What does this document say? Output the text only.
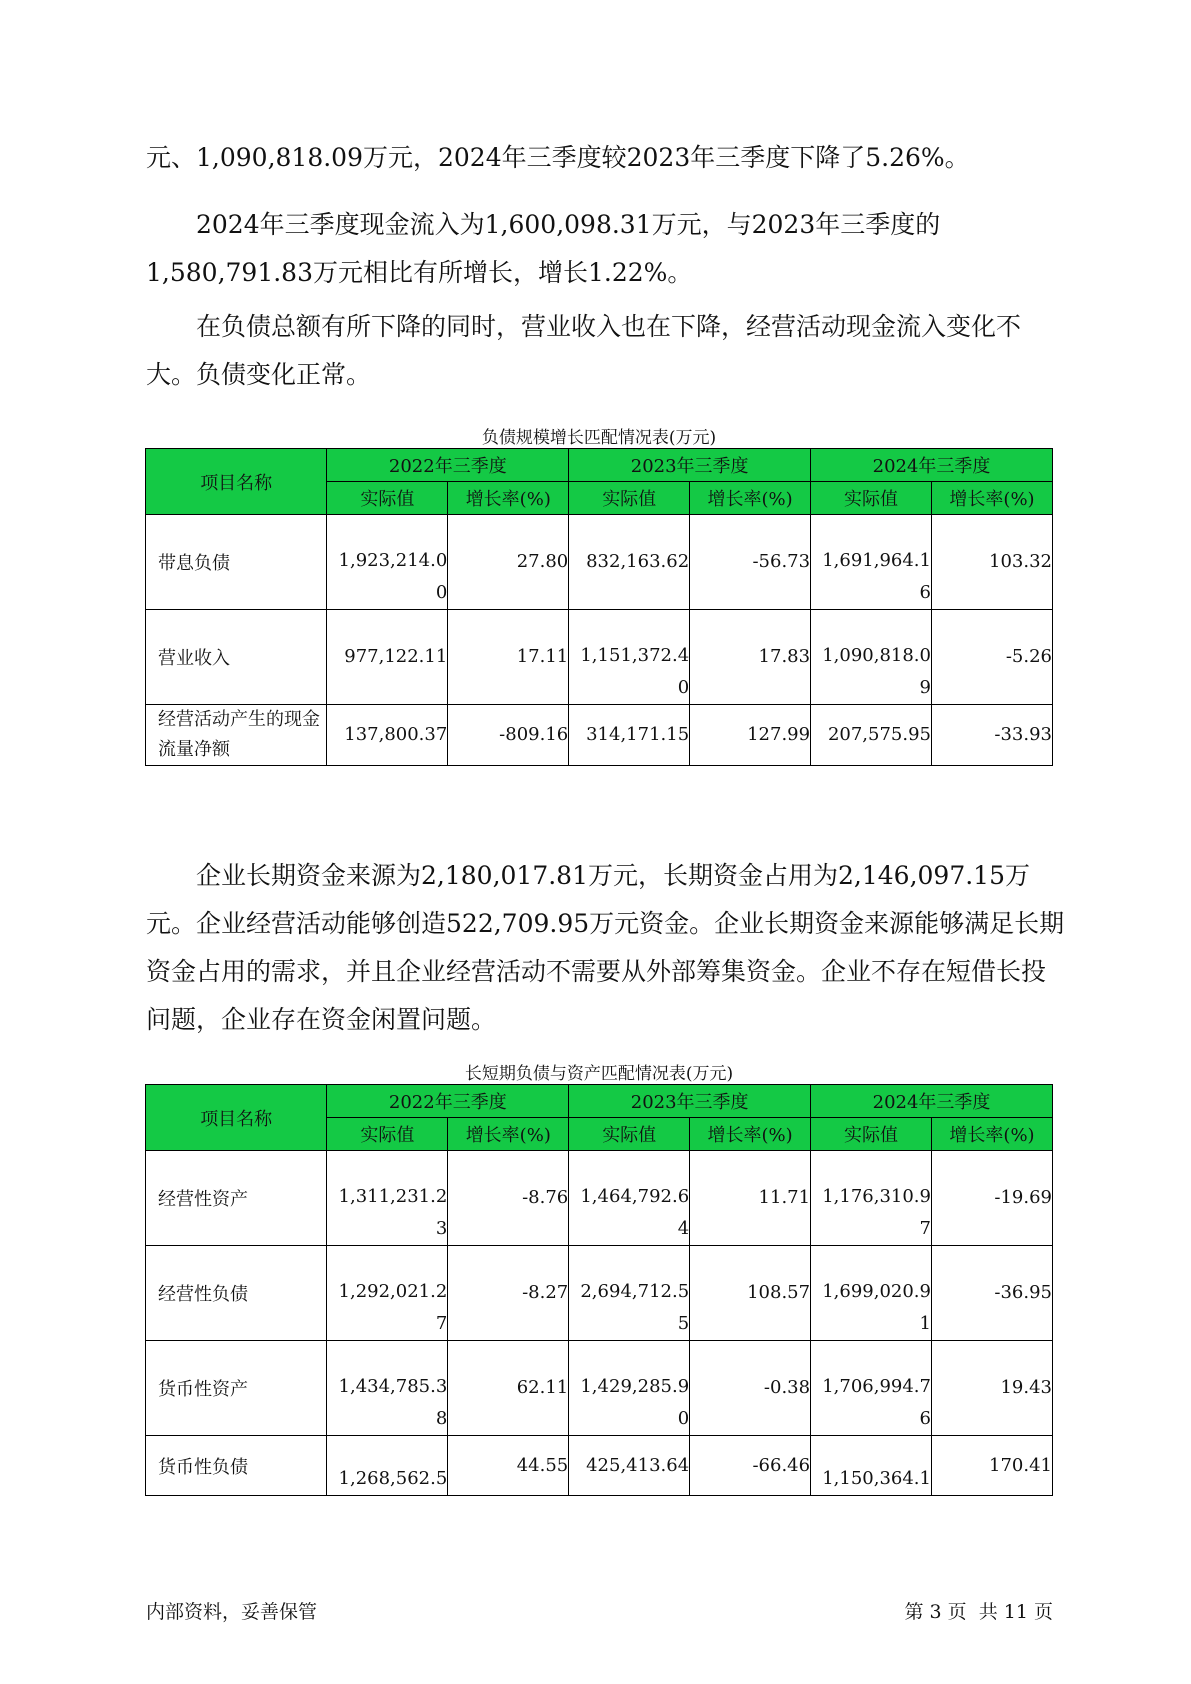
元、1,090,818.09万元，2024年三季度较2023年三季度下降了5.26%。

2024年三季度现金流入为1,600,098.31万元，与2023年三季度的1,580,791.83万元相比有所增长，增长1.22%。

在负债总额有所下降的同时，营业收入也在下降，经营活动现金流入变化不大。负债变化正常。

负债规模增长匹配情况表(万元)

项目名称	2022年三季度		2023年三季度		2024年三季度	
	实际值	增长率(%)	实际值	增长率(%)	实际值	增长率(%)
带息负债	1,923,214.00	27.80	832,163.62	-56.73	1,691,964.16	103.32
营业收入	977,122.11	17.11	1,151,372.40	17.83	1,090,818.09	-5.26
经营活动产生的现金流量净额	137,800.37	-809.16	314,171.15	127.99	207,575.95	-33.93

企业长期资金来源为2,180,017.81万元，长期资金占用为2,146,097.15万元。企业经营活动能够创造522,709.95万元资金。企业长期资金来源能够满足长期资金占用的需求，并且企业经营活动不需要从外部筹集资金。企业不存在短借长投问题，企业存在资金闲置问题。

长短期负债与资产匹配情况表(万元)

项目名称	2022年三季度		2023年三季度		2024年三季度	
	实际值	增长率(%)	实际值	增长率(%)	实际值	增长率(%)
经营性资产	1,311,231.23	-8.76	1,464,792.64	11.71	1,176,310.97	-19.69
经营性负债	1,292,021.27	-8.27	2,694,712.55	108.57	1,699,020.91	-36.95
货币性资产	1,434,785.38	62.11	1,429,285.90	-0.38	1,706,994.76	19.43
货币性负债	1,268,562.5	44.55	425,413.64	-66.46	1,150,364.1	170.41

内部资料，妥善保管	第 3 页  共 11 页
